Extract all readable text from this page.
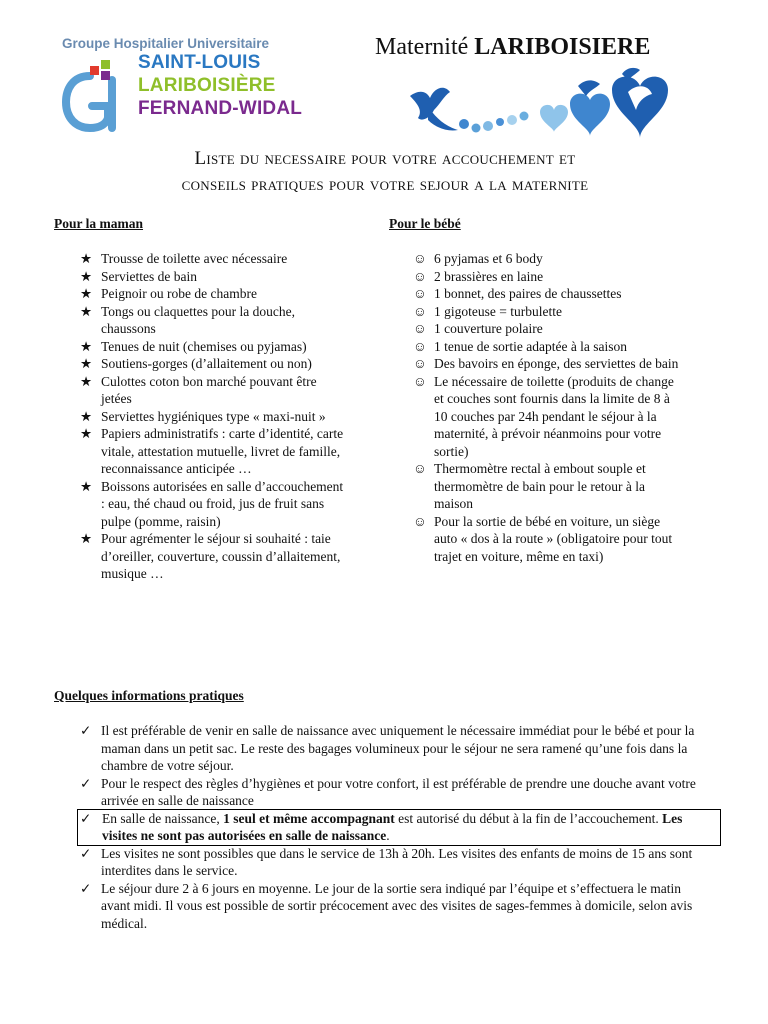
Groupe Hospitalier Universitaire
SAINT-LOUIS
LARIBOISIÈRE
FERNAND-WIDAL
Maternité LARIBOISIERE
Liste du necessaire pour votre accouchement et
conseils pratiques pour votre sejour a la maternite
Pour la maman	Pour le bébé
★ Trousse de toilette avec nécessaire
★ Serviettes de bain
★ Peignoir ou robe de chambre
★ Tongs ou claquettes pour la douche, chaussons
★ Tenues de nuit (chemises ou pyjamas)
★ Soutiens-gorges (d’allaitement ou non)
★ Culottes coton bon marché pouvant être jetées
★ Serviettes hygiéniques type « maxi-nuit »
★ Papiers administratifs : carte d’identité, carte vitale, attestation mutuelle, livret de famille, reconnaissance anticipée …
★ Boissons autorisées en salle d’accouchement : eau, thé chaud ou froid, jus de fruit sans pulpe (pomme, raisin)
★ Pour agrémenter le séjour si souhaité : taie d’oreiller, couverture, coussin d’allaitement, musique …
☺ 6 pyjamas et 6 body
☺ 2 brassières en laine
☺ 1 bonnet, des paires de chaussettes
☺ 1 gigoteuse = turbulette
☺ 1 couverture polaire
☺ 1 tenue de sortie adaptée à la saison
☺ Des bavoirs en éponge, des serviettes de bain
☺ Le nécessaire de toilette (produits de change et couches sont fournis dans la limite de 8 à 10 couches par 24h pendant le séjour à la maternité, à prévoir néanmoins pour votre sortie)
☺ Thermomètre rectal à embout souple et thermomètre de bain pour le retour à la maison
☺ Pour la sortie de bébé en voiture, un siège auto « dos à la route » (obligatoire pour tout trajet en voiture, même en taxi)
Quelques informations pratiques
✓ Il est préférable de venir en salle de naissance avec uniquement le nécessaire immédiat pour le bébé et pour la maman dans un petit sac. Le reste des bagages volumineux pour le séjour ne sera ramené qu’une fois dans la chambre de votre séjour.
✓ Pour le respect des règles d’hygiènes et pour votre confort, il est préférable de prendre une douche avant votre arrivée en salle de naissance
✓ En salle de naissance, 1 seul et même accompagnant est autorisé du début à la fin de l’accouchement. Les visites ne sont pas autorisées en salle de naissance.
✓ Les visites ne sont possibles que dans le service de 13h à 20h. Les visites des enfants de moins de 15 ans sont interdites dans le service.
✓ Le séjour dure 2 à 6 jours en moyenne. Le jour de la sortie sera indiqué par l’équipe et s’effectuera le matin avant midi. Il vous est possible de sortir précocement avec des visites de sages-femmes à domicile, selon avis médical.
